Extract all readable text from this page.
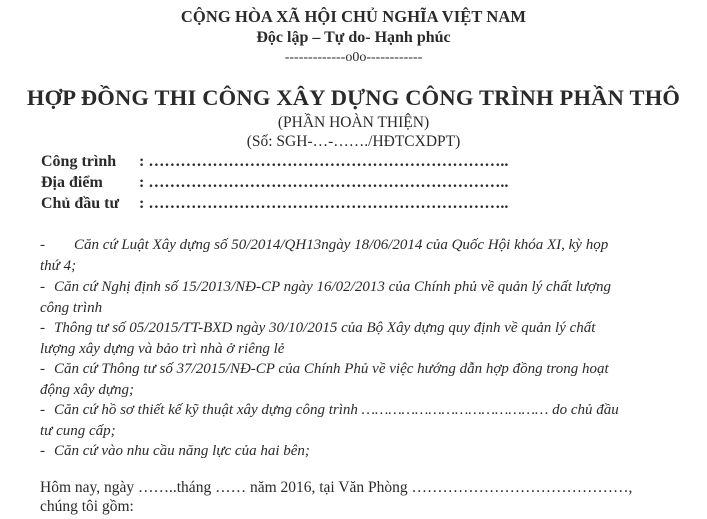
CỘNG HÒA XÃ HỘI CHỦ NGHĨA VIỆT NAM
Độc lập – Tự do- Hạnh phúc
-------------o0o------------
HỢP ĐỒNG THI CÔNG XÂY DỰNG CÔNG TRÌNH PHẦN THÔ
(PHẦN HOÀN THIỆN)
(Số: SGH-…-……./HĐTCXDPT)
Công trình : …………………………………………………………..
Địa điểm : …………………………………………………………..
Chủ đầu tư : …………………………………………………………..
- Căn cứ Luật Xây dựng số 50/2014/QH13ngày 18/06/2014 của Quốc Hội khóa XI, kỳ họp
thứ 4;
- Căn cứ Nghị định số 15/2013/NĐ-CP ngày 16/02/2013 của Chính phủ về quản lý chất lượng
công trình
- Thông tư số 05/2015/TT-BXD ngày 30/10/2015 của Bộ Xây dựng quy định về quản lý chất
lượng xây dựng và bảo trì nhà ở riêng lẻ
- Căn cứ Thông tư số 37/2015/NĐ-CP của Chính Phủ về việc hướng dẫn hợp đồng trong hoạt
động xây dựng;
- Căn cứ hồ sơ thiết kế kỹ thuật xây dựng công trình …………………………………… do chủ đầu
tư cung cấp;
- Căn cứ vào nhu cầu năng lực của hai bên;
Hôm nay, ngày ……..tháng …… năm 2016, tại Văn Phòng ……………………………………,
chúng tôi gồm:
